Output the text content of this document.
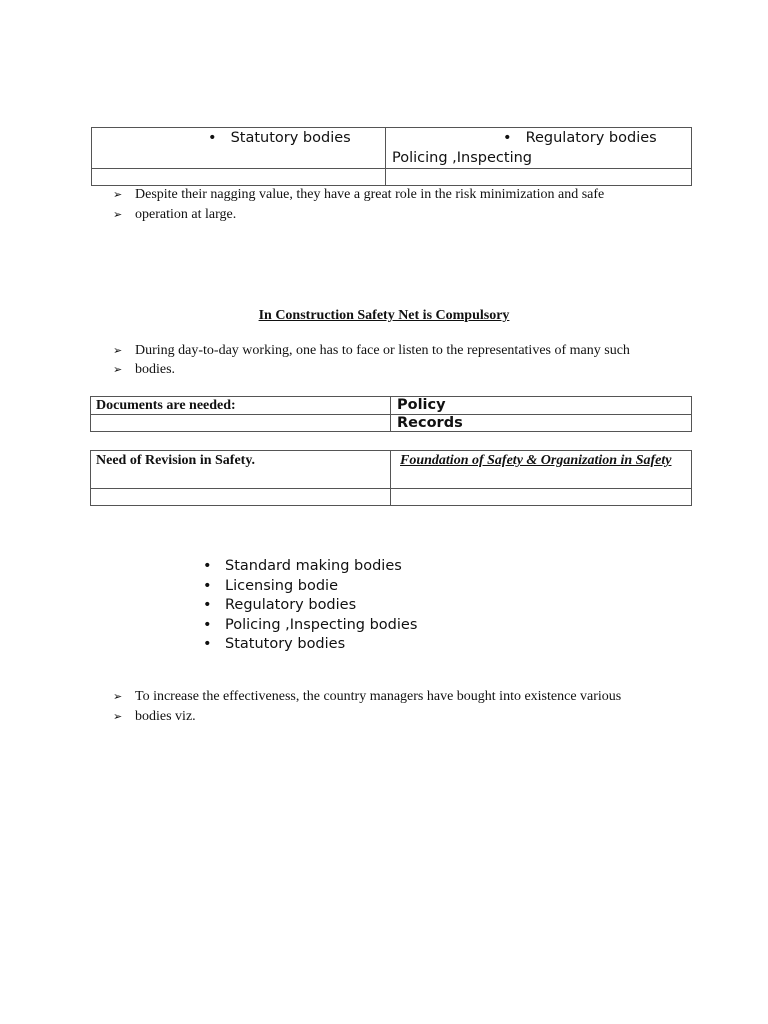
• Statutory bodies	• Regulatory bodies
Policing ,Inspecting

➢ Despite their nagging value, they have a great role in the risk minimization and safe
➢ operation at large.
In Construction Safety Net is Compulsory
➢ During day-to-day working, one has to face or listen to the representatives of many such
➢ bodies.
Documents are needed:	Policy

	Records
Need of Revision in Safety.	Foundation of Safety & Organization in Safety

• Standard making bodies
• Licensing bodie
• Regulatory bodies
• Policing ,Inspecting bodies
• Statutory bodies
➢ To increase the effectiveness, the country managers have bought into existence various
➢ bodies viz.
